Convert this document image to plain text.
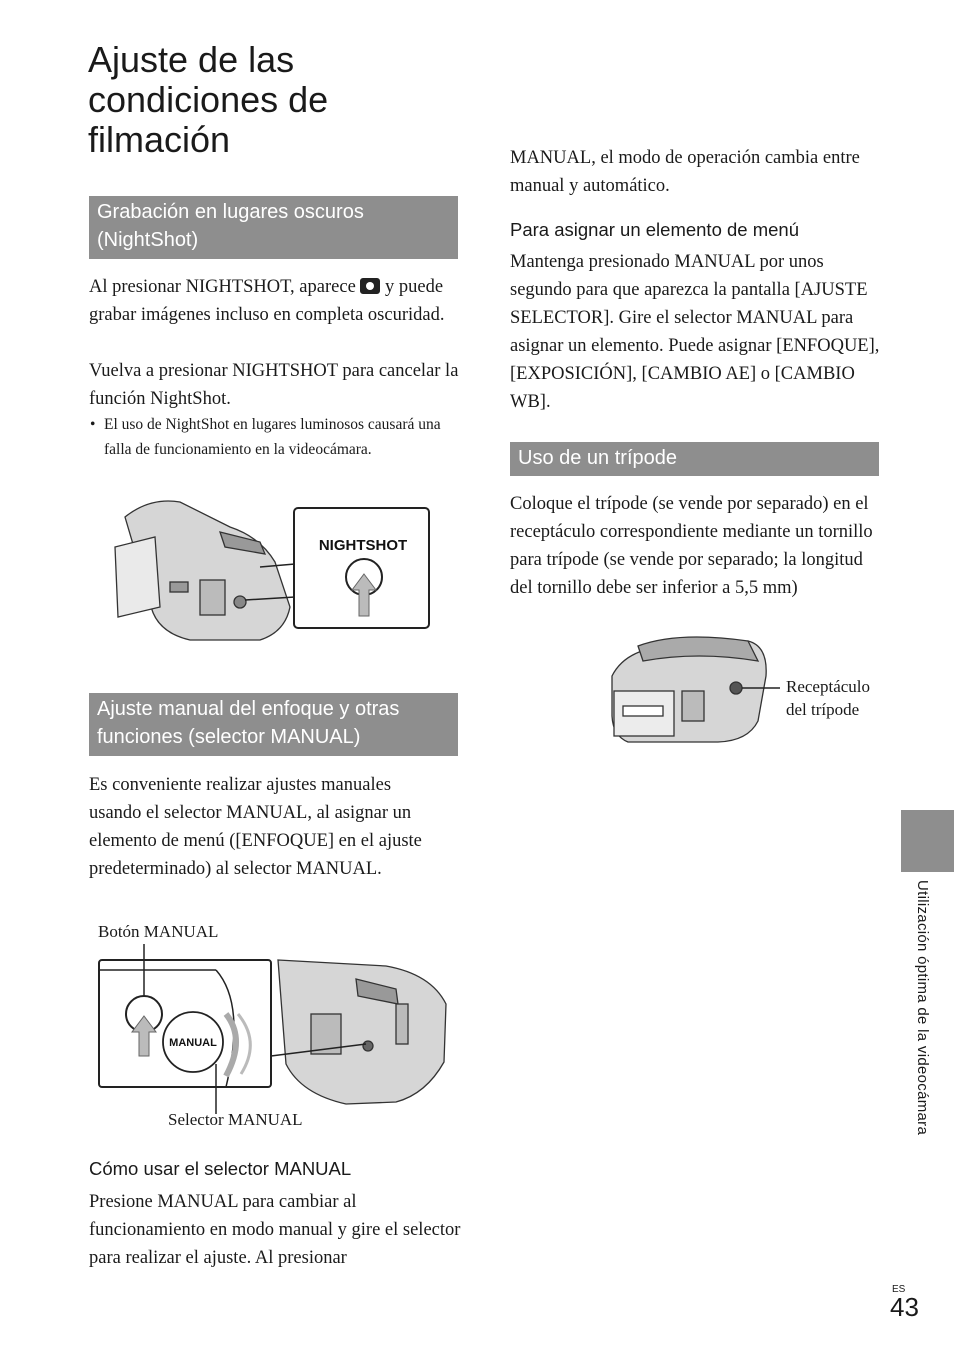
Ajuste de las condiciones de filmación
Grabación en lugares oscuros (NightShot)

Al presionar NIGHTSHOT, aparece y puede grabar imágenes incluso en completa oscuridad.

Vuelva a presionar NIGHTSHOT para cancelar la función NightShot.

• El uso de NightShot en lugares luminosos causará una falla de funcionamiento en la videocámara.

NIGHTSHOT
Ajuste manual del enfoque y otras funciones (selector MANUAL)

Es conveniente realizar ajustes manuales usando el selector MANUAL, al asignar un elemento de menú ([ENFOQUE] en el ajuste predeterminado) al selector MANUAL.

Botón MANUAL

MANUAL

Selector MANUAL

Cómo usar el selector MANUAL

Presione MANUAL para cambiar al funcionamiento en modo manual y gire el selector para realizar el ajuste. Al presionar

MANUAL, el modo de operación cambia entre manual y automático.

Para asignar un elemento de menú

Mantenga presionado MANUAL por unos segundo para que aparezca la pantalla [AJUSTE SELECTOR]. Gire el selector MANUAL para asignar un elemento. Puede asignar [ENFOQUE], [EXPOSICIÓN], [CAMBIO AE] o [CAMBIO WB].

Uso de un trípode

Coloque el trípode (se vende por separado) en el receptáculo correspondiente mediante un tornillo para trípode (se vende por separado; la longitud del tornillo debe ser inferior a 5,5 mm)

Receptáculo del trípode

Utilización óptima de la videocámara
ES
43
